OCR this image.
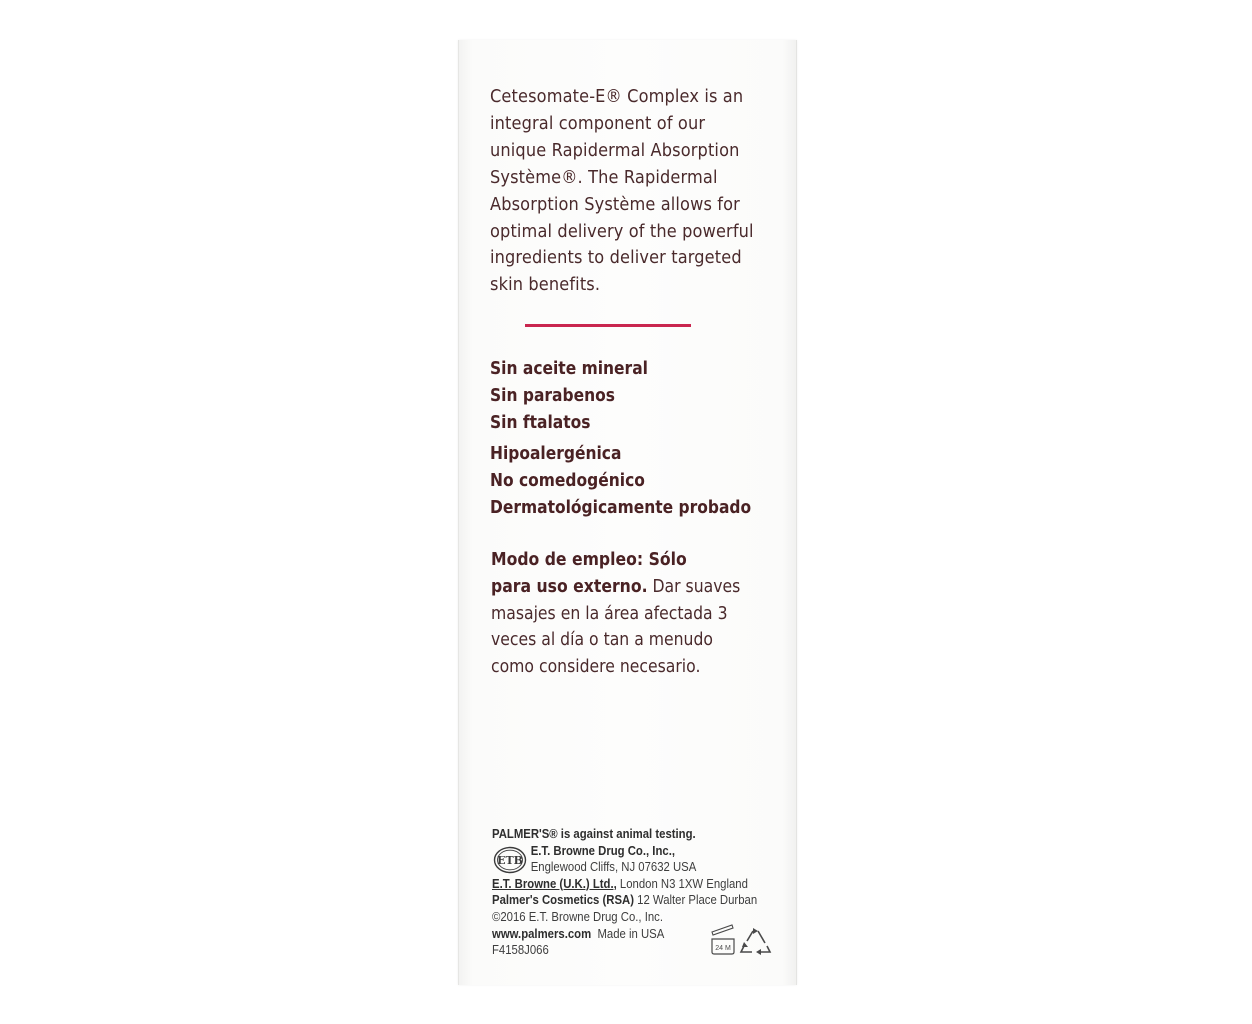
Cetesomate-E® Complex is an
integral component of our
unique Rapidermal Absorption
Système®. The Rapidermal
Absorption Système allows for
optimal delivery of the powerful
ingredients to deliver targeted
skin benefits.

Sin aceite mineral
Sin parabenos
Sin ftalatos
Hipoalergénica
No comedogénico
Dermatológicamente probado
Modo de empleo: Sólo
para uso externo. Dar suaves
masajes en la área afectada 3
veces al día o tan a menudo
como considere necesario.
PALMER'S® is against animal testing.
E.T. Browne Drug Co., Inc.,
Englewood Cliffs, NJ 07632 USA
E.T. Browne (U.K.) Ltd., London N3 1XW England
Palmer's Cosmetics (RSA) 12 Walter Place Durban
©2016 E.T. Browne Drug Co., Inc.
www.palmers.com  Made in USA
F4158J066
ETB
24 M
